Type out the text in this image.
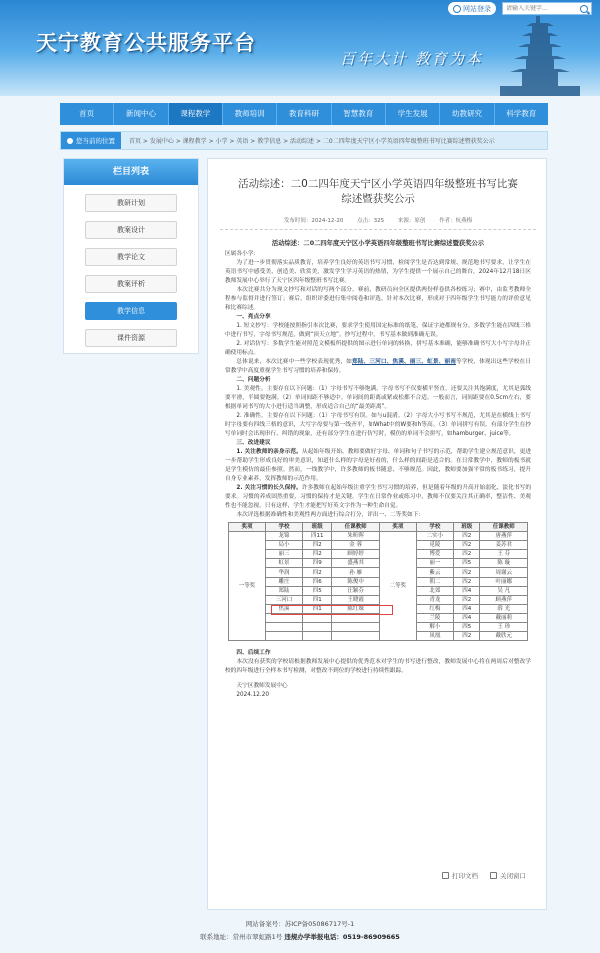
网站登录
请输入关键字...
天宁教育公共服务平台
百年大计 教育为本
首页	新闻中心	课程教学	教师培训	教育科研	智慧教育	学生发展	幼教研究	科学教育
您当前的位置	首页 > 发展中心 > 课程教学 > 小学 > 英语 > 教学信息 > 活动综述 > 二0二四年度天宁区小学英语四年级整班书写比赛综述暨获奖公示
栏目列表
教研计划
教案设计
教学论文
教案评析
教学信息
课件资源
活动综述：二0二四年度天宁区小学英语四年级整班书写比赛综述暨获奖公示
发布时间：2024-12-20	点击：325	来源：原创	作者：杭燕梅

活动综述：二0二四年度天宁区小学英语四年级整班书写比赛综述暨获奖公示

区属各小学：

为了进一步贯彻落实品质教育，培养学生良好的英语书写习惯，检阅学生是否达到常规、规范地书写要求，让学生在英语书写中感受美、创造美、欣赏美，激发学生学习英语的热情，为学生提供一个展示自己的舞台，2024年12月18日区教师发展中心举行了天宁区四年级整班书写比赛。

本次比赛共分为现文抄写和对话的写两个部分。赛前，教研员向全区提供两份样卷供各校练习；赛中，由监考教师全程参与监督并进行签订；赛后，组织评委进行集中阅卷和评选。针对本次比赛，形成对于四年级学生书写能力的评价意见和比赛综述。

一、亮点分享

1. 短文抄写：学校能按照指引本次比赛，要求学生使用国定标准的纸笔，保证字迹都规有分。多数学生能在四线三格中进行书写，字母书写规范，做到“顶天立地”。抄写过程中，书写基本做到准确无误。

2. 对话仿写：多数学生能对照范文模板所提供的图示进行单词的转换，拼写基本准确，能够准确书写大小写字母并正确使用标点。

总体说来，本次比赛中一些学校表现优秀，如郑陆、三河口、焦溪、丽三、虹景、丽南等学校，体现出这些学校在日常教学中高度重视学生书写习惯的培养和保持。

二、问题分析

1. 美观性。主要存在以下问题：（1）字母书写不够饱满。字母书写不仅要横平竖直，还要关注其饱满度，尤其是弧线要平滑，半圆要饱满。（2）单词间距不够适中。单词间的距离或紧或松都不合适。一般而言，词间距要在0.5cm左右，要根据单词书写的大小进行适当调整，形成适合自己的“最美距离”。

2. 准确性。主要存在以下问题：（1）字母书写有误。如与u混淆。（2）字母大小写书写不规范，尤其是在横线上书写时字母要有四线三格的意识，大写字母要与第一线齐平，如What中的W要和h等高。（3）单词拼写有误。有部分学生在抄写单词时会出现串行、纠错的现象，还有部分学生在进行仿写时，模仿的单词不会拼写，如hamburger、juice等。

三、改进建议

1. 关注教师的亲身示范。从起始年级开始，教师要做好字母、单词和句子书写的示范，帮助学生建立规范意识，更进一步帮助学生形成良好的审美意识，知道什么样的字母是好看的，什么样的间距是适合的。在日常教学中，教师的板书就是学生模仿的最佳参照。然而，一线教学中，许多教师的板书随意、不够规范。因此，教师要加强平常的板书练习，提升自身专业素养，发挥教师的示范作用。

2. 关注习惯的长久保持。许多教师在起始年级注重学生书写习惯的培养，但是随着年级的升高开始弱化、淡化书写的要求。习惯的养成固然重要，习惯的保持才是关键。学生在日常作业或练习中，教师不仅要关注其正确率，整洁性、美观性也不能忽视。只有这样，学生才能把写好英文字作为一种生命自觉。

本次评选根据准确性和美观性两方面进行综合打分，评出一、二等奖如下：

奖项	学校	班级	任课教师	奖项	学校	班级	任课教师
一等奖	龙锦	四11	朱昕晖	二等奖	二实小	四2	唐燕萍
	局小	四2	金 蓉		觅陵	四2	姜苏君
	丽三	四2	顾婷婷		博爱	四2	王 芬
	虹景	四9	盛燕其		丽一	四5	陈 璇
	华润	四2	孙 雁		紫云	四2	周谢云
	雕庄	四6	陈俊中		朝二	四2	叶丽娜
	郑陆	四5	汪颖芬		北郊	四4	吴 凡
	三河口	四1	王晓霞		青龙	四2	顾燕萍
	焦溪	四1	陈红妹		红梅	四4	薛 光
					兰陵	四4	戴丽莉
					解小	四5	王 珍
					凤凰	四2	戴欣元

四、后续工作

本次没有获奖的学校请根据教师发展中心提供的优秀范本对学生的书写进行整改，教师发展中心将在两周后对整改学校的四年级进行全样本书写检测，对整改不到位的学校进行持续性跟踪。

天宁区教师发展中心

2024.12.20

打印文档	关闭窗口
网站备案号：苏ICP备05086717号-1
联系地址：常州市翠虹路1号 违规办学举报电话：0519-86909665
